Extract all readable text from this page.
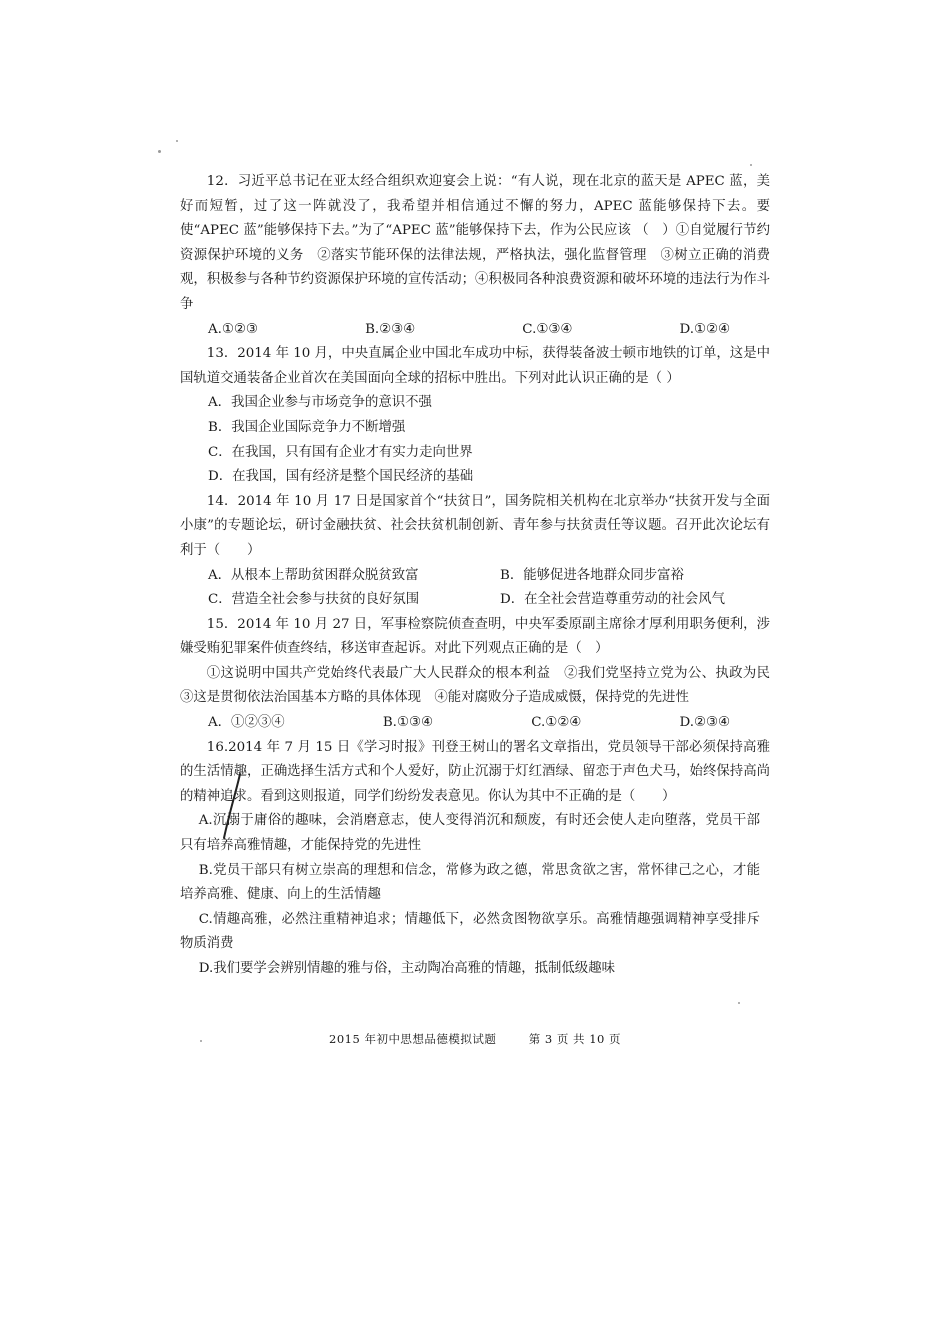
12．习近平总书记在亚太经合组织欢迎宴会上说：“有人说，现在北京的蓝天是 APEC 蓝，美好而短暂，过了这一阵就没了，我希望并相信通过不懈的努力，APEC 蓝能够保持下去。要使“APEC 蓝”能够保持下去。”为了“APEC 蓝”能够保持下去，作为公民应该 （　）①自觉履行节约资源保护环境的义务　②落实节能环保的法律法规，严格执法，强化监督管理　③树立正确的消费观，积极参与各种节约资源保护环境的宣传活动；④积极同各种浪费资源和破坏环境的违法行为作斗争

A.①②③	B.②③④	C.①③④	D.①②④

13．2014 年 10 月，中央直属企业中国北车成功中标，获得装备波士顿市地铁的订单，这是中国轨道交通装备企业首次在美国面向全球的招标中胜出。下列对此认识正确的是（ ）

A．我国企业参与市场竞争的意识不强

B．我国企业国际竞争力不断增强

C．在我国，只有国有企业才有实力走向世界

D．在我国，国有经济是整个国民经济的基础

14．2014 年 10 月 17 日是国家首个“扶贫日”，国务院相关机构在北京举办“扶贫开发与全面小康”的专题论坛，研讨金融扶贫、社会扶贫机制创新、青年参与扶贫责任等议题。召开此次论坛有利于（　　）

A．从根本上帮助贫困群众脱贫致富	B．能够促进各地群众同步富裕
C．营造全社会参与扶贫的良好氛围	D．在全社会营造尊重劳动的社会风气

15．2014 年 10 月 27 日，军事检察院侦查查明，中央军委原副主席徐才厚利用职务便利，涉嫌受贿犯罪案件侦查终结，移送审查起诉。对此下列观点正确的是（　）

①这说明中国共产党始终代表最广大人民群众的根本利益　②我们党坚持立党为公、执政为民　③这是贯彻依法治国基本方略的具体体现　④能对腐败分子造成威慑，保持党的先进性

A．①②③④	B.①③④	C.①②④	D.②③④

16.2014 年 7 月 15 日《学习时报》刊登王树山的署名文章指出，党员领导干部必须保持高雅的生活情趣，正确选择生活方式和个人爱好，防止沉溺于灯红酒绿、留恋于声色犬马，始终保持高尚的精神追求。看到这则报道，同学们纷纷发表意见。你认为其中不正确的是（　　）

A.沉溺于庸俗的趣味，会消磨意志，使人变得消沉和颓废，有时还会使人走向堕落，党员干部只有培养高雅情趣，才能保持党的先进性

B.党员干部只有树立崇高的理想和信念，常修为政之德，常思贪欲之害，常怀律己之心，才能培养高雅、健康、向上的生活情趣

C.情趣高雅，必然注重精神追求；情趣低下，必然贪图物欲享乐。高雅情趣强调精神享受排斥物质消费

D.我们要学会辨别情趣的雅与俗，主动陶冶高雅的情趣，抵制低级趣味

2015 年初中思想品德模拟试题	第 3 页 共 10 页
